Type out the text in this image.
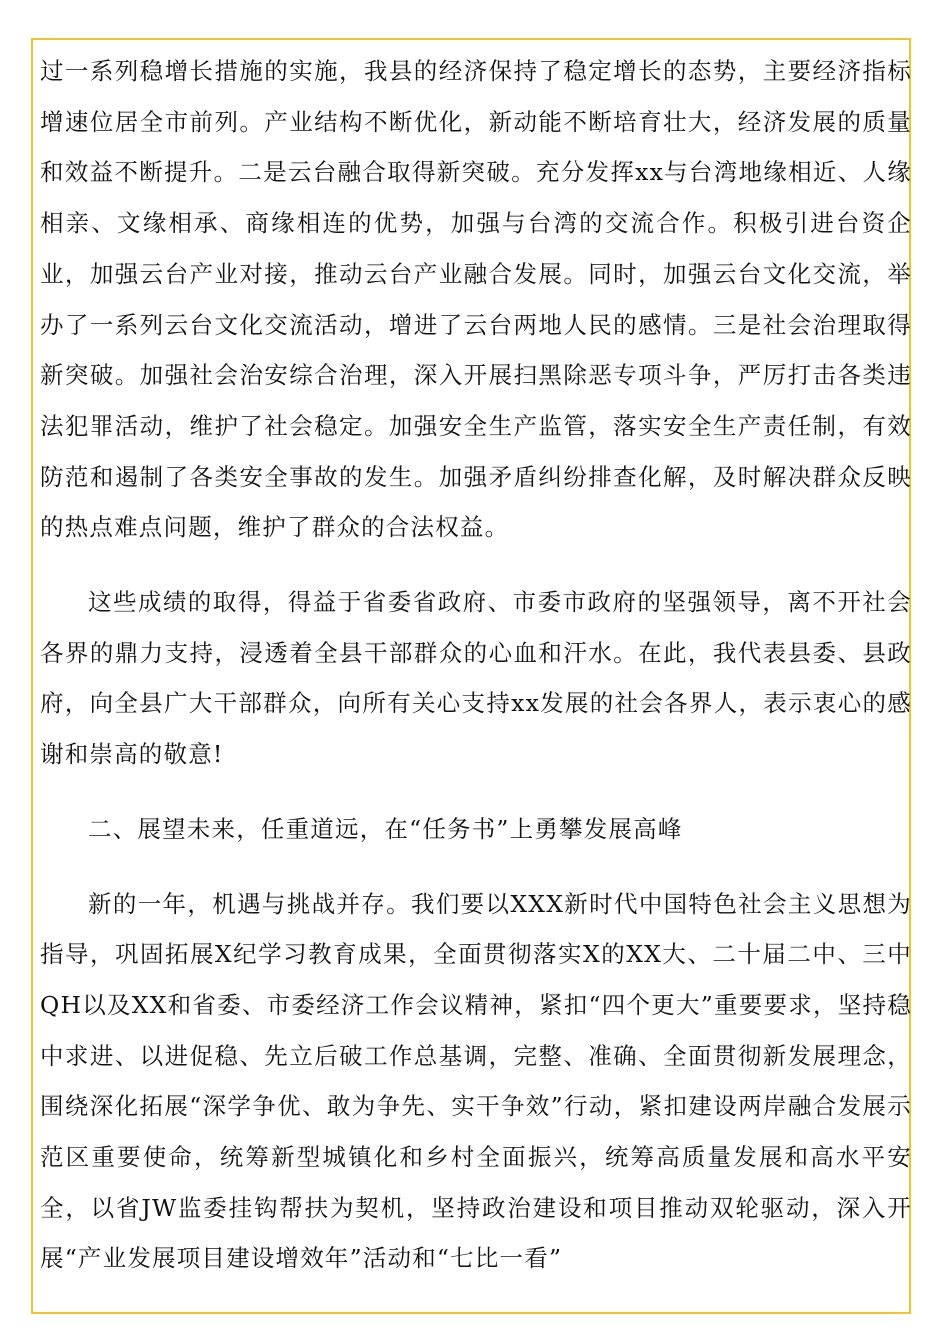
过一系列稳增长措施的实施，我县的经济保持了稳定增长的态势，主要经济指标增速位居全市前列。产业结构不断优化，新动能不断培育壮大，经济发展的质量和效益不断提升。二是云台融合取得新突破。充分发挥xx与台湾地缘相近、人缘相亲、文缘相承、商缘相连的优势，加强与台湾的交流合作。积极引进台资企业，加强云台产业对接，推动云台产业融合发展。同时，加强云台文化交流，举办了一系列云台文化交流活动，增进了云台两地人民的感情。三是社会治理取得新突破。加强社会治安综合治理，深入开展扫黑除恶专项斗争，严厉打击各类违法犯罪活动，维护了社会稳定。加强安全生产监管，落实安全生产责任制，有效防范和遏制了各类安全事故的发生。加强矛盾纠纷排查化解，及时解决群众反映的热点难点问题，维护了群众的合法权益。

这些成绩的取得，得益于省委省政府、市委市政府的坚强领导，离不开社会各界的鼎力支持，浸透着全县干部群众的心血和汗水。在此，我代表县委、县政府，向全县广大干部群众，向所有关心支持xx发展的社会各界人，表示衷心的感谢和崇高的敬意!

二、展望未来，任重道远，在“任务书”上勇攀发展高峰

新的一年，机遇与挑战并存。我们要以XXX新时代中国特色社会主义思想为指导，巩固拓展X纪学习教育成果，全面贯彻落实X的XX大、二十届二中、三中QH以及XX和省委、市委经济工作会议精神，紧扣“四个更大”重要要求，坚持稳中求进、以进促稳、先立后破工作总基调，完整、准确、全面贯彻新发展理念，围绕深化拓展“深学争优、敢为争先、实干争效”行动，紧扣建设两岸融合发展示范区重要使命，统筹新型城镇化和乡村全面振兴，统筹高质量发展和高水平安全，以省JW监委挂钩帮扶为契机，坚持政治建设和项目推动双轮驱动，深入开展“产业发展项目建设增效年”活动和“七比一看”
